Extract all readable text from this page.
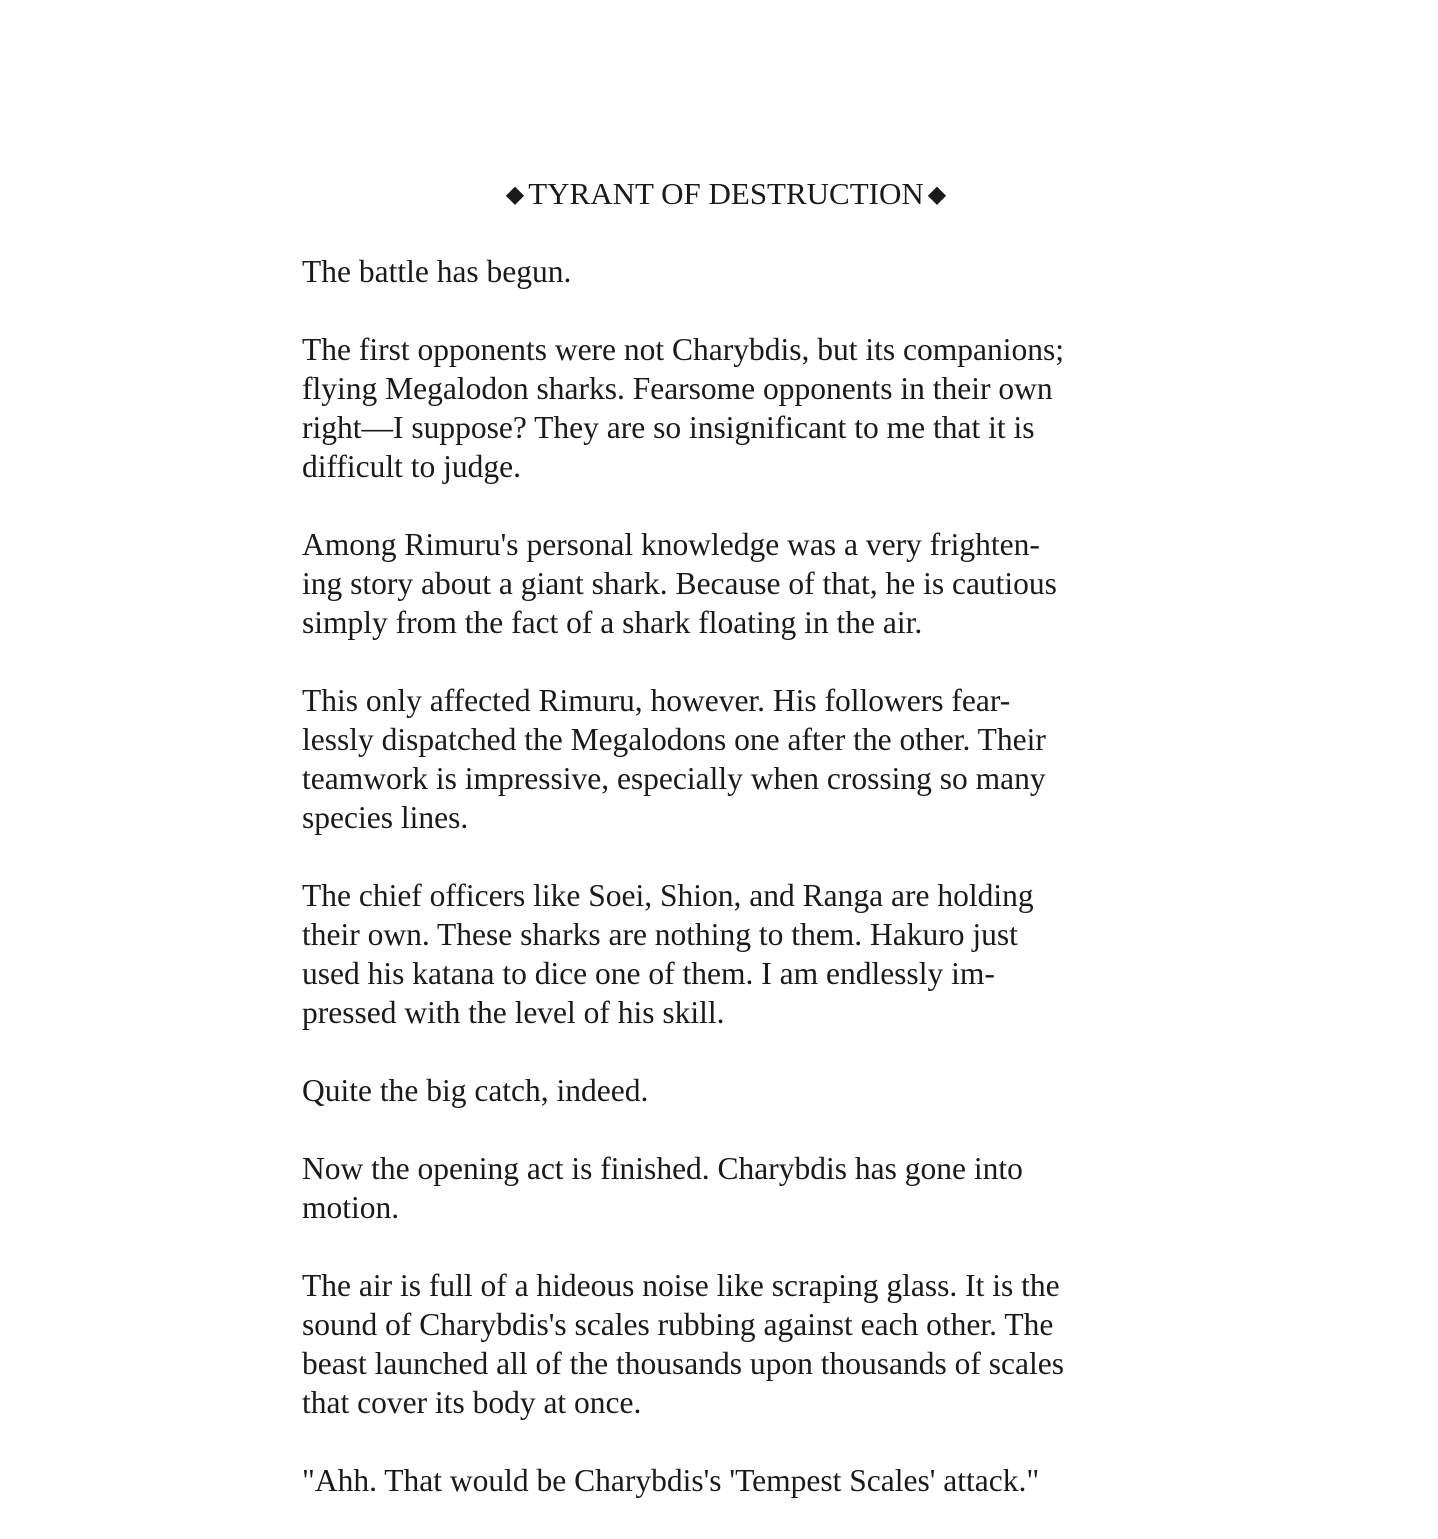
◆ TYRANT OF DESTRUCTION ◆

The battle has begun.

The first opponents were not Charybdis, but its companions;
flying Megalodon sharks. Fearsome opponents in their own
right—I suppose? They are so insignificant to me that it is
difficult to judge.

Among Rimuru's personal knowledge was a very frighten-
ing story about a giant shark. Because of that, he is cautious
simply from the fact of a shark floating in the air.

This only affected Rimuru, however. His followers fear-
lessly dispatched the Megalodons one after the other. Their
teamwork is impressive, especially when crossing so many
species lines.

The chief officers like Soei, Shion, and Ranga are holding
their own. These sharks are nothing to them. Hakuro just
used his katana to dice one of them. I am endlessly im-
pressed with the level of his skill.

Quite the big catch, indeed.

Now the opening act is finished. Charybdis has gone into
motion.

The air is full of a hideous noise like scraping glass. It is the
sound of Charybdis's scales rubbing against each other. The
beast launched all of the thousands upon thousands of scales
that cover its body at once.

"Ahh. That would be Charybdis's 'Tempest Scales' attack."
